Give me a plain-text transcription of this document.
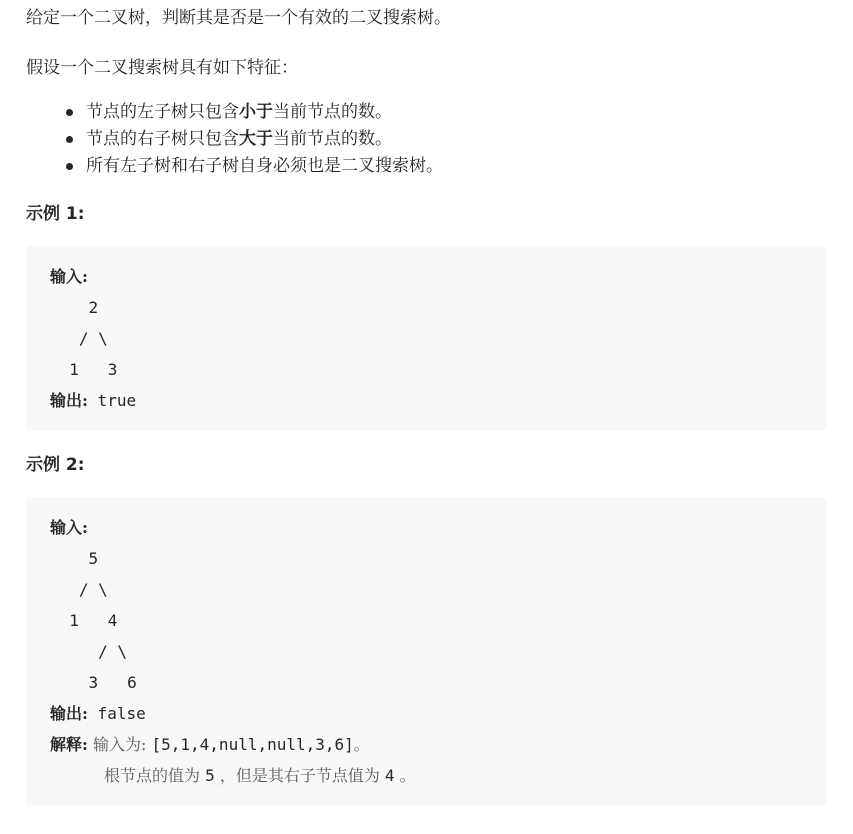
给定一个二叉树，判断其是否是一个有效的二叉搜索树。
假设一个二叉搜索树具有如下特征：
节点的左子树只包含小于当前节点的数。
节点的右子树只包含大于当前节点的数。
所有左子树和右子树自身必须也是二叉搜索树。
示例 1:
输入:
2
/ \
1   3
输出: true
示例 2:
输入:
5
/ \
1   4
/ \
3   6
输出: false
解释: 输入为: [5,1,4,null,null,3,6]。
根节点的值为 5 ，但是其右子节点值为 4 。
